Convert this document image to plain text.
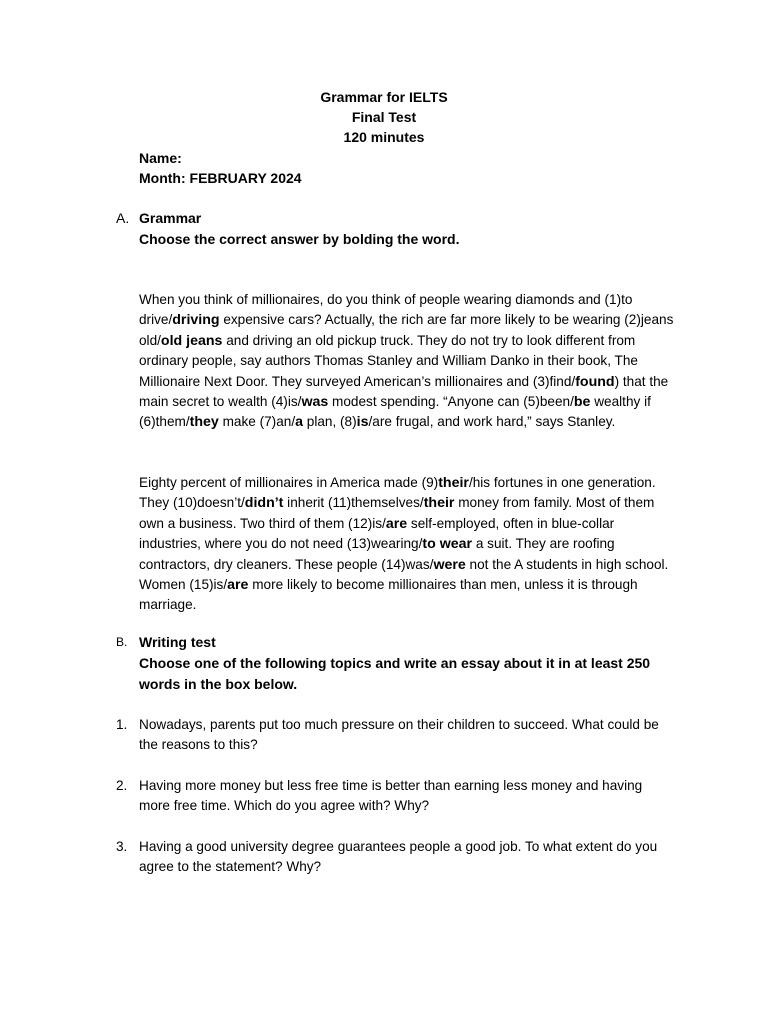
Grammar for IELTS
Final Test
120 minutes
Name:
Month: FEBRUARY 2024
A. Grammar
Choose the correct answer by bolding the word.
When you think of millionaires, do you think of people wearing diamonds and (1)to drive/driving expensive cars? Actually, the rich are far more likely to be wearing (2)jeans old/old jeans and driving an old pickup truck. They do not try to look different from ordinary people, say authors Thomas Stanley and William Danko in their book, The Millionaire Next Door. They surveyed American’s millionaires and (3)find/found) that the main secret to wealth (4)is/was modest spending. “Anyone can (5)been/be wealthy if (6)them/they make (7)an/a plan, (8)is/are frugal, and work hard,” says Stanley.
Eighty percent of millionaires in America made (9)their/his fortunes in one generation. They (10)doesn’t/didn’t inherit (11)themselves/their money from family. Most of them own a business. Two third of them (12)is/are self-employed, often in blue-collar industries, where you do not need (13)wearing/to wear a suit. They are roofing contractors, dry cleaners. These people (14)was/were not the A students in high school. Women (15)is/are more likely to become millionaires than men, unless it is through marriage.
B. Writing test
Choose one of the following topics and write an essay about it in at least 250 words in the box below.
1. Nowadays, parents put too much pressure on their children to succeed. What could be the reasons to this?
2. Having more money but less free time is better than earning less money and having more free time. Which do you agree with? Why?
3. Having a good university degree guarantees people a good job. To what extent do you agree to the statement? Why?
